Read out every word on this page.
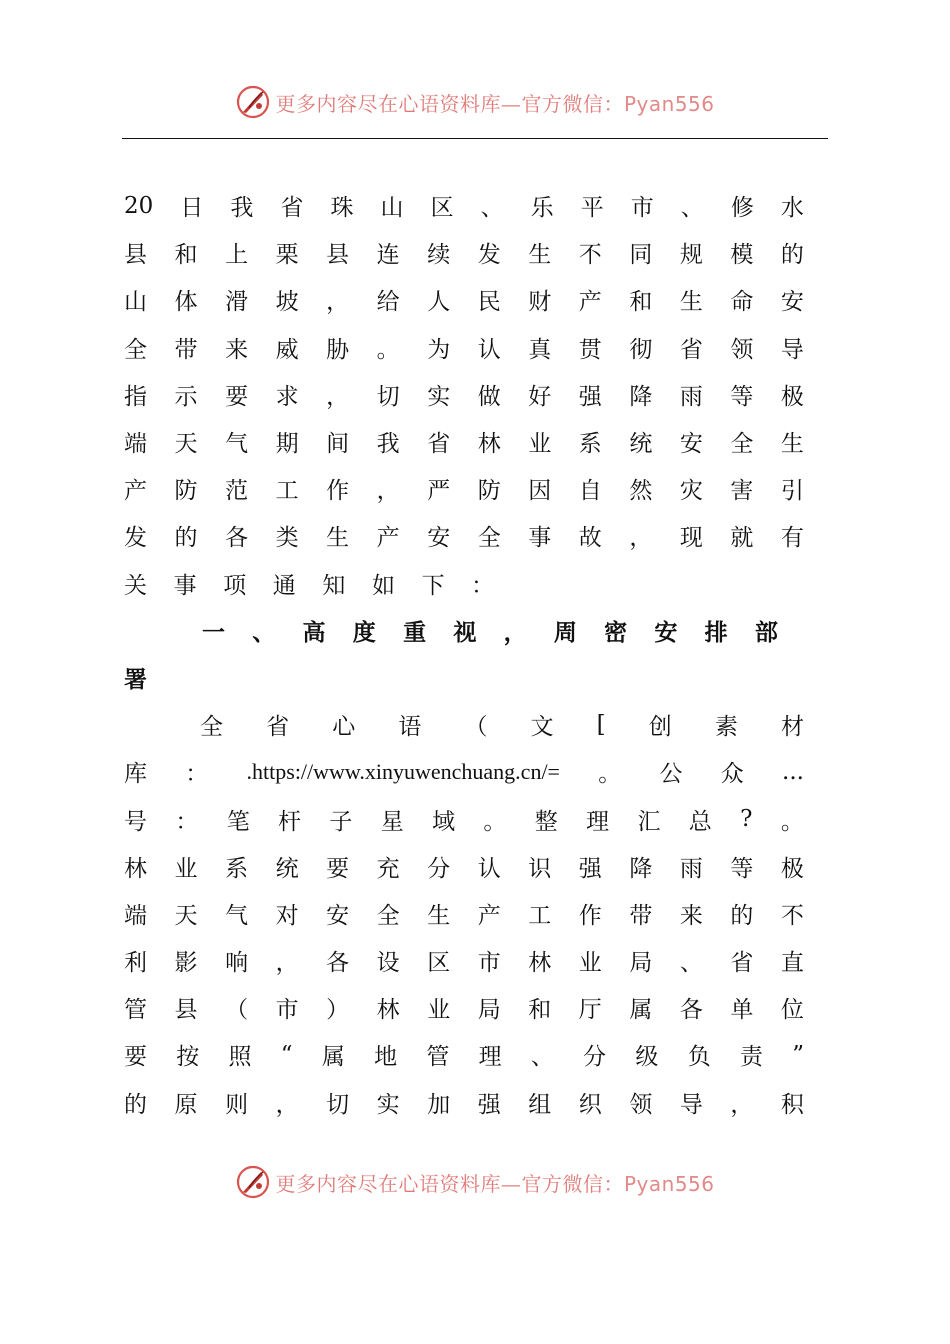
更多内容尽在心语资料库—官方微信：Pyan556
20 日 我 省 珠 山 区 、 乐 平 市 、 修 水
县 和 上 栗 县 连 续 发 生 不 同 规 模 的
山 体 滑 坡 ， 给 人 民 财 产 和 生 命 安
全 带 来 威 胁 。 为 认 真 贯 彻 省 领 导
指 示 要 求 ， 切 实 做 好 强 降 雨 等 极
端 天 气 期 间 我 省 林 业 系 统 安 全 生
产 防 范 工 作 ， 严 防 因 自 然 灾 害 引
发 的 各 类 生 产 安 全 事 故 ， 现 就 有
关 事 项 通 知 如 下 ：
一 、 高 度 重 视 ， 周 密 安 排 部
署
全 省 心 语 （ 文 [ 创 素 材
库 ： .https://www.xinyuwenchuang.cn/= 。 公 众 ...
号 ： 笔 杆 子 星 域 。 整 理 汇 总 ? 。
林 业 系 统 要 充 分 认 识 强 降 雨 等 极
端 天 气 对 安 全 生 产 工 作 带 来 的 不
利 影 响 ， 各 设 区 市 林 业 局 、 省 直
管 县 （ 市 ） 林 业 局 和 厅 属 各 单 位
要 按 照 “ 属 地 管 理 、 分 级 负 责 ”
的 原 则 ， 切 实 加 强 组 织 领 导 ， 积
更多内容尽在心语资料库—官方微信：Pyan556
